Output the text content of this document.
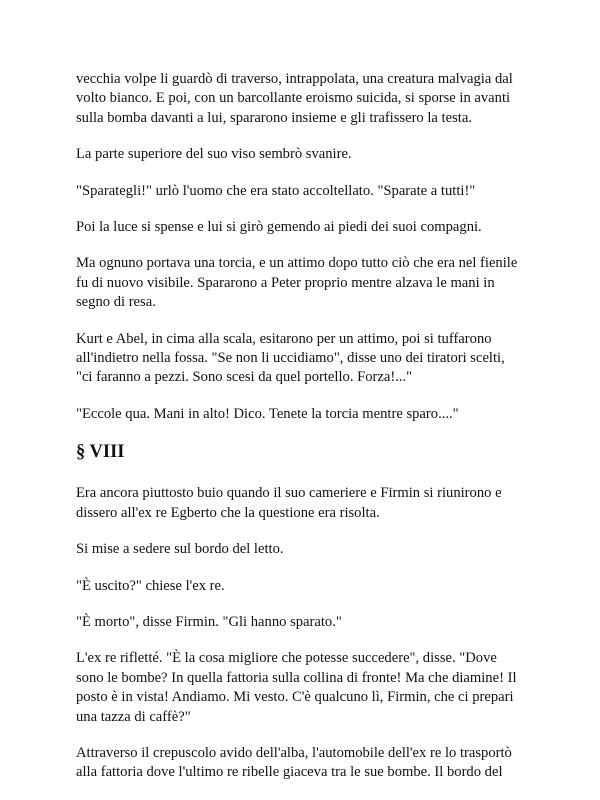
vecchia volpe li guardò di traverso, intrappolata, una creatura malvagia dal
volto bianco. E poi, con un barcollante eroismo suicida, si sporse in avanti
sulla bomba davanti a lui, spararono insieme e gli trafissero la testa.

La parte superiore del suo viso sembrò svanire.

"Sparategli!" urlò l'uomo che era stato accoltellato. "Sparate a tutti!"

Poi la luce si spense e lui si girò gemendo ai piedi dei suoi compagni.

Ma ognuno portava una torcia, e un attimo dopo tutto ciò che era nel fienile
fu di nuovo visibile. Spararono a Peter proprio mentre alzava le mani in
segno di resa.

Kurt e Abel, in cima alla scala, esitarono per un attimo, poi si tuffarono
all'indietro nella fossa. "Se non li uccidiamo", disse uno dei tiratori scelti,
"ci faranno a pezzi. Sono scesi da quel portello. Forza!..."

"Eccole qua. Mani in alto! Dico. Tenete la torcia mentre sparo...."

§ VIII

Era ancora piuttosto buio quando il suo cameriere e Firmin si riunirono e
dissero all'ex re Egberto che la questione era risolta.

Si mise a sedere sul bordo del letto.

"È uscito?" chiese l'ex re.

"È morto", disse Firmin. "Gli hanno sparato."

L'ex re rifletté. "È la cosa migliore che potesse succedere", disse. "Dove
sono le bombe? In quella fattoria sulla collina di fronte! Ma che diamine! Il
posto è in vista! Andiamo. Mi vesto. C'è qualcuno lì, Firmin, che ci prepari
una tazza di caffè?"

Attraverso il crepuscolo avido dell'alba, l'automobile dell'ex re lo trasportò
alla fattoria dove l'ultimo re ribelle giaceva tra le sue bombe. Il bordo del
